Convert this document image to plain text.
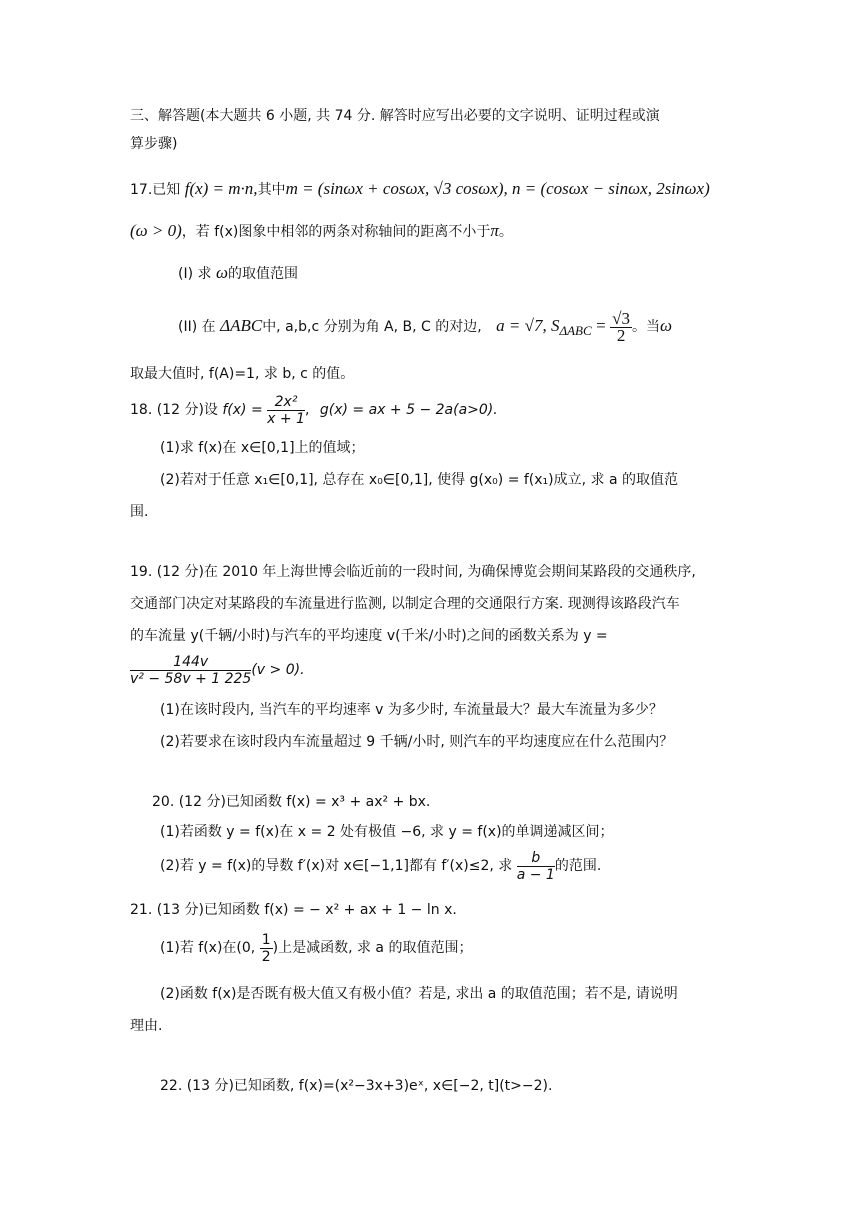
三、解答题(本大题共 6 小题, 共 74 分. 解答时应写出必要的文字说明、证明过程或演
算步骤)
17.已知 f(x) = m·n,其中m = (sinωx + cosωx, √3 cosωx), n = (cosωx − sinωx, 2sinωx)
(ω > 0)，若 f(x)图象中相邻的两条对称轴间的距离不小于π。
(I) 求 ω的取值范围
(II) 在 ΔABC中, a,b,c 分别为角 A, B, C 的对边, a = √7, $S\Delta ABC = \frac{√3}{2}$ 。当ω
取最大值时, f(A)=1, 求 b, c 的值。
18. (12 分)设 $f(x) = \frac{\text{2x²}}{x + 1}$ , g(x) = ax + 5 − 2a(a>0).
(1)求 f(x)在 x∈[0,1]上的值域；
(2)若对于任意 x₁∈[0,1], 总存在 x₀∈[0,1], 使得 g(x₀) = f(x₁)成立, 求 a 的取值范
围.
19. (12 分)在 2010 年上海世博会临近前的一段时间, 为确保博览会期间某路段的交通秩序,
交通部门决定对某路段的车流量进行监测, 以制定合理的交通限行方案. 现测得该路段汽车
的车流量 y(千辆/小时)与汽车的平均速度 v(千米/小时)之间的函数关系为 y =
$\frac{144v}{\text{v² − 58v + 1 225}} (v > 0)$.
(1)在该时段内, 当汽车的平均速率 v 为多少时, 车流量最大？最大车流量为多少？
(2)若要求在该时段内车流量超过 9 千辆/小时, 则汽车的平均速度应在什么范围内？
20. (12 分)已知函数 f(x) = x³ + ax² + bx.
(1)若函数 y = f(x)在 x = 2 处有极值 −6, 求 y = f(x)的单调递减区间；
(2)若 y = f(x)的导数 f′(x)对 x∈[−1,1]都有 f′(x)≤2, 求 $\frac{b}{a - 1}$ 的范围.
21. (13 分)已知函数 f(x) = − x² + ax + 1 − ln x.
(1)若 f(x)在(0, $\frac{1}{2}$ )上是减函数, 求 a 的取值范围；
(2)函数 f(x)是否既有极大值又有极小值？若是, 求出 a 的取值范围；若不是, 请说明
理由.
22. (13 分)已知函数, f(x)=(x²−3x+3)eˣ, x∈[−2, t](t>−2).
